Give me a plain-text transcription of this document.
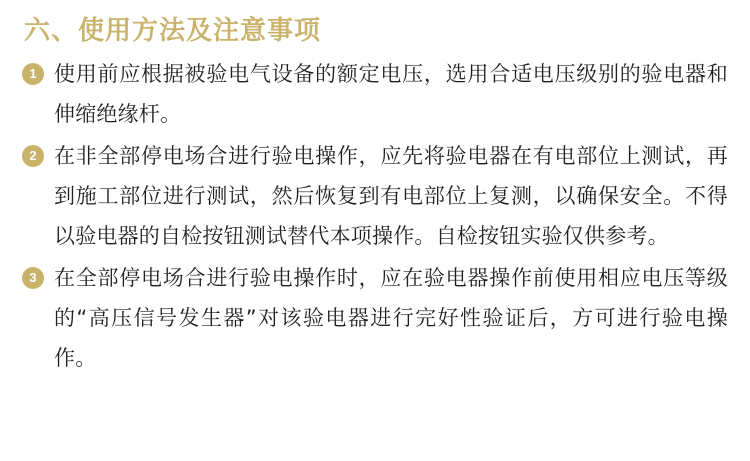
六、使用方法及注意事项
1 使用前应根据被验电气设备的额定电压，选用合适电压级别的验电器和伸缩绝缘杆。
2 在非全部停电场合进行验电操作，应先将验电器在有电部位上测试，再到施工部位进行测试，然后恢复到有电部位上复测，以确保安全。不得以验电器的自检按钮测试替代本项操作。自检按钮实验仅供参考。
3 在全部停电场合进行验电操作时，应在验电器操作前使用相应电压等级的“高压信号发生器”对该验电器进行完好性验证后，方可进行验电操作。
